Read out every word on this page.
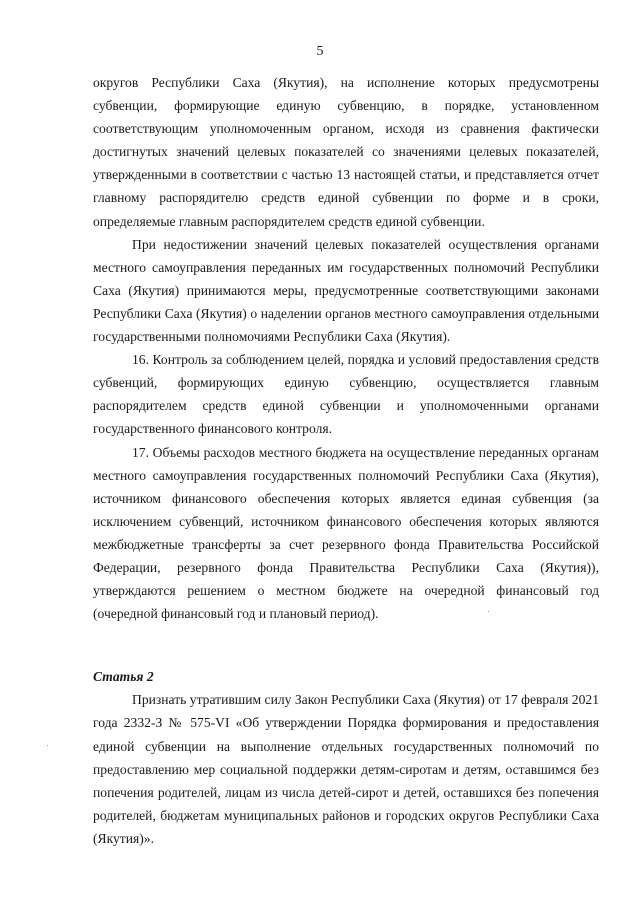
5

округов Республики Саха (Якутия), на исполнение которых предусмотрены субвенции, формирующие единую субвенцию, в порядке, установленном соответствующим уполномоченным органом, исходя из сравнения фактически достигнутых значений целевых показателей со значениями целевых показателей, утвержденными в соответствии с частью 13 настоящей статьи, и представляется отчет главному распорядителю средств единой субвенции по форме и в сроки, определяемые главным распорядителем средств единой субвенции.

При недостижении значений целевых показателей осуществления органами местного самоуправления переданных им государственных полномочий Республики Саха (Якутия) принимаются меры, предусмотренные соответствующими законами Республики Саха (Якутия) о наделении органов местного самоуправления отдельными государственными полномочиями Республики Саха (Якутия).

16. Контроль за соблюдением целей, порядка и условий предоставления средств субвенций, формирующих единую субвенцию, осуществляется главным распорядителем средств единой субвенции и уполномоченными органами государственного финансового контроля.

17. Объемы расходов местного бюджета на осуществление переданных органам местного самоуправления государственных полномочий Республики Саха (Якутия), источником финансового обеспечения которых является единая субвенция (за исключением субвенций, источником финансового обеспечения которых являются межбюджетные трансферты за счет резервного фонда Правительства Российской Федерации, резервного фонда Правительства Республики Саха (Якутия)), утверждаются решением о местном бюджете на очередной финансовый год (очередной финансовый год и плановый период).

Статья 2

Признать утратившим силу Закон Республики Саха (Якутия) от 17 февраля 2021 года 2332-З № 575-VI «Об утверждении Порядка формирования и предоставления единой субвенции на выполнение отдельных государственных полномочий по предоставлению мер социальной поддержки детям-сиротам и детям, оставшимся без попечения родителей, лицам из числа детей-сирот и детей, оставшихся без попечения родителей, бюджетам муниципальных районов и городских округов Республики Саха (Якутия)».
